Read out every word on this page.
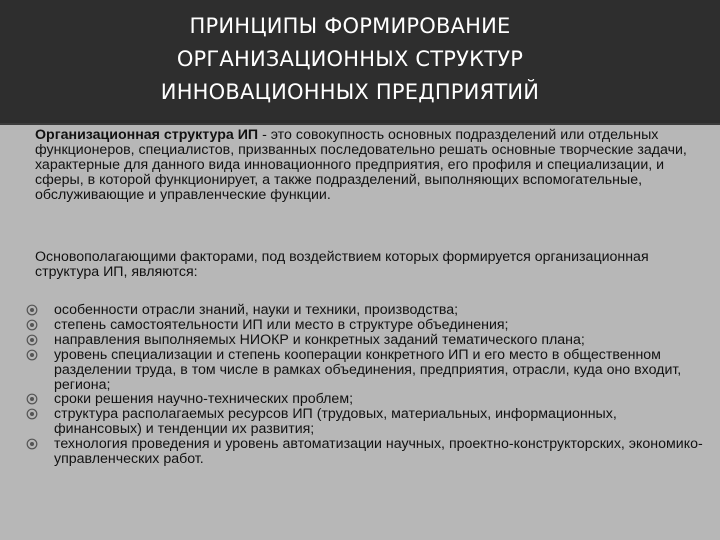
ПРИНЦИПЫ ФОРМИРОВАНИЕ
ОРГАНИЗАЦИОННЫХ СТРУКТУР
ИННОВАЦИОННЫХ ПРЕДПРИЯТИЙ
Организационная структура ИП - это совокупность основных подразделений или отдельных функционеров, специалистов, призванных последовательно решать основные творческие задачи, характерные для данного вида инновационного предприятия, его профиля и специализации, и сферы, в которой функционирует, а также подразделений, выполняющих вспомогательные, обслуживающие и управленческие функции.
Основополагающими факторами, под воздействием которых формируется организационная структура ИП, являются:
особенности отрасли знаний, науки и техники, производства;
степень самостоятельности ИП или место в структуре объединения;
направления выполняемых НИОКР и конкретных заданий тематического плана;
уровень специализации и степень кооперации конкретного ИП и его место в общественном разделении труда, в том числе в рамках объединения, предприятия, отрасли, куда оно входит, региона;
сроки решения научно-технических проблем;
структура располагаемых ресурсов ИП (трудовых, материальных, информационных, финансовых) и тенденции их развития;
технология проведения и уровень автоматизации научных, проектно-конструкторских, экономико-управленческих работ.
